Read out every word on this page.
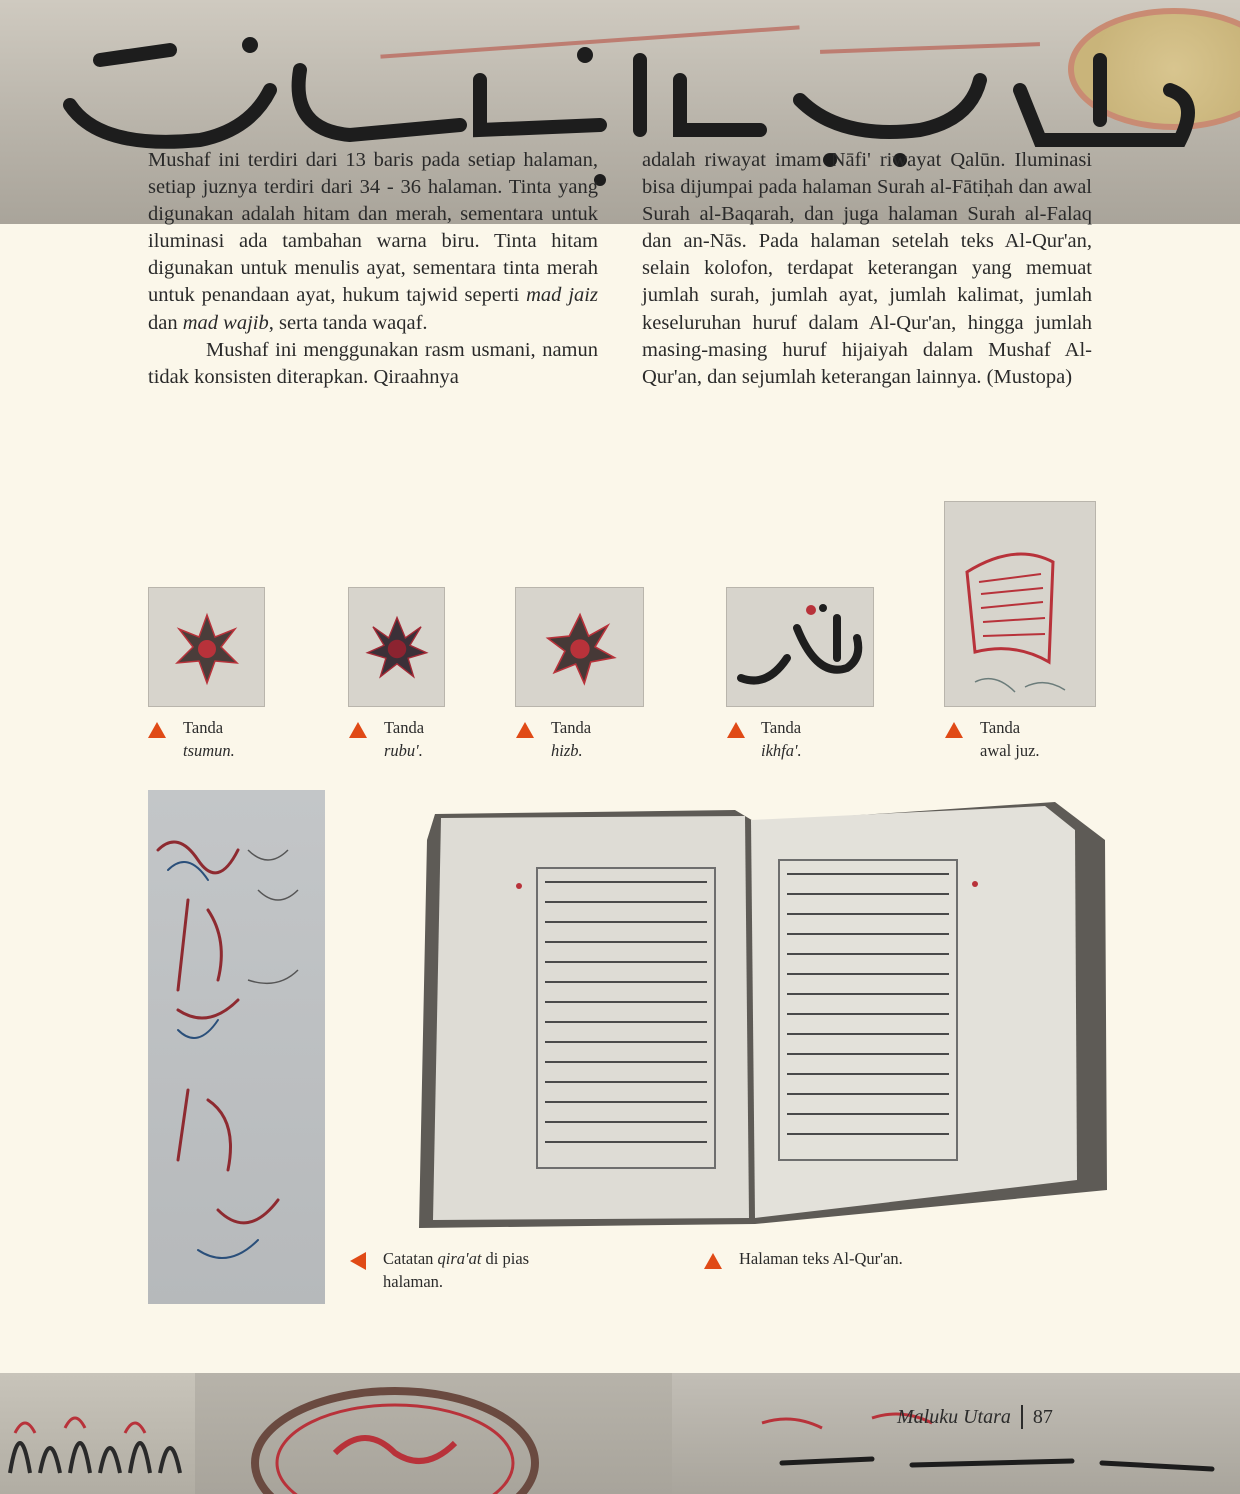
Mushaf ini terdiri dari 13 baris pada setiap halaman, setiap juznya terdiri dari 34 - 36 halaman. Tinta yang digunakan adalah hitam dan merah, sementara untuk iluminasi ada tambahan warna biru. Tinta hitam digunakan untuk menulis ayat, sementara tinta merah untuk penandaan ayat, hukum tajwid seperti mad jaiz dan mad wajib, serta tanda waqaf.

Mushaf ini menggunakan rasm usmani, namun tidak konsisten diterapkan. Qiraahnya

adalah riwayat imam Nāfi' riwayat Qalūn. Iluminasi bisa dijumpai pada halaman Surah al-Fātiḥah dan awal Surah al-Baqarah, dan juga halaman Surah al-Falaq dan an-Nās. Pada halaman setelah teks Al-Qur'an, selain kolofon, terdapat keterangan yang memuat jumlah surah, jumlah ayat, jumlah kalimat, jumlah keseluruhan huruf dalam Al-Qur'an, hingga jumlah masing-masing huruf hijaiyah dalam Mushaf Al-Qur'an, dan sejumlah keterangan lainnya. (Mustopa)

Tanda
tsumun.
Tanda
rubu'.
Tanda
hizb.
Tanda
ikhfa'.
Tanda
awal juz.
Catatan qira'at di pias halaman.
Halaman teks Al-Qur'an.
Maluku Utara 87
